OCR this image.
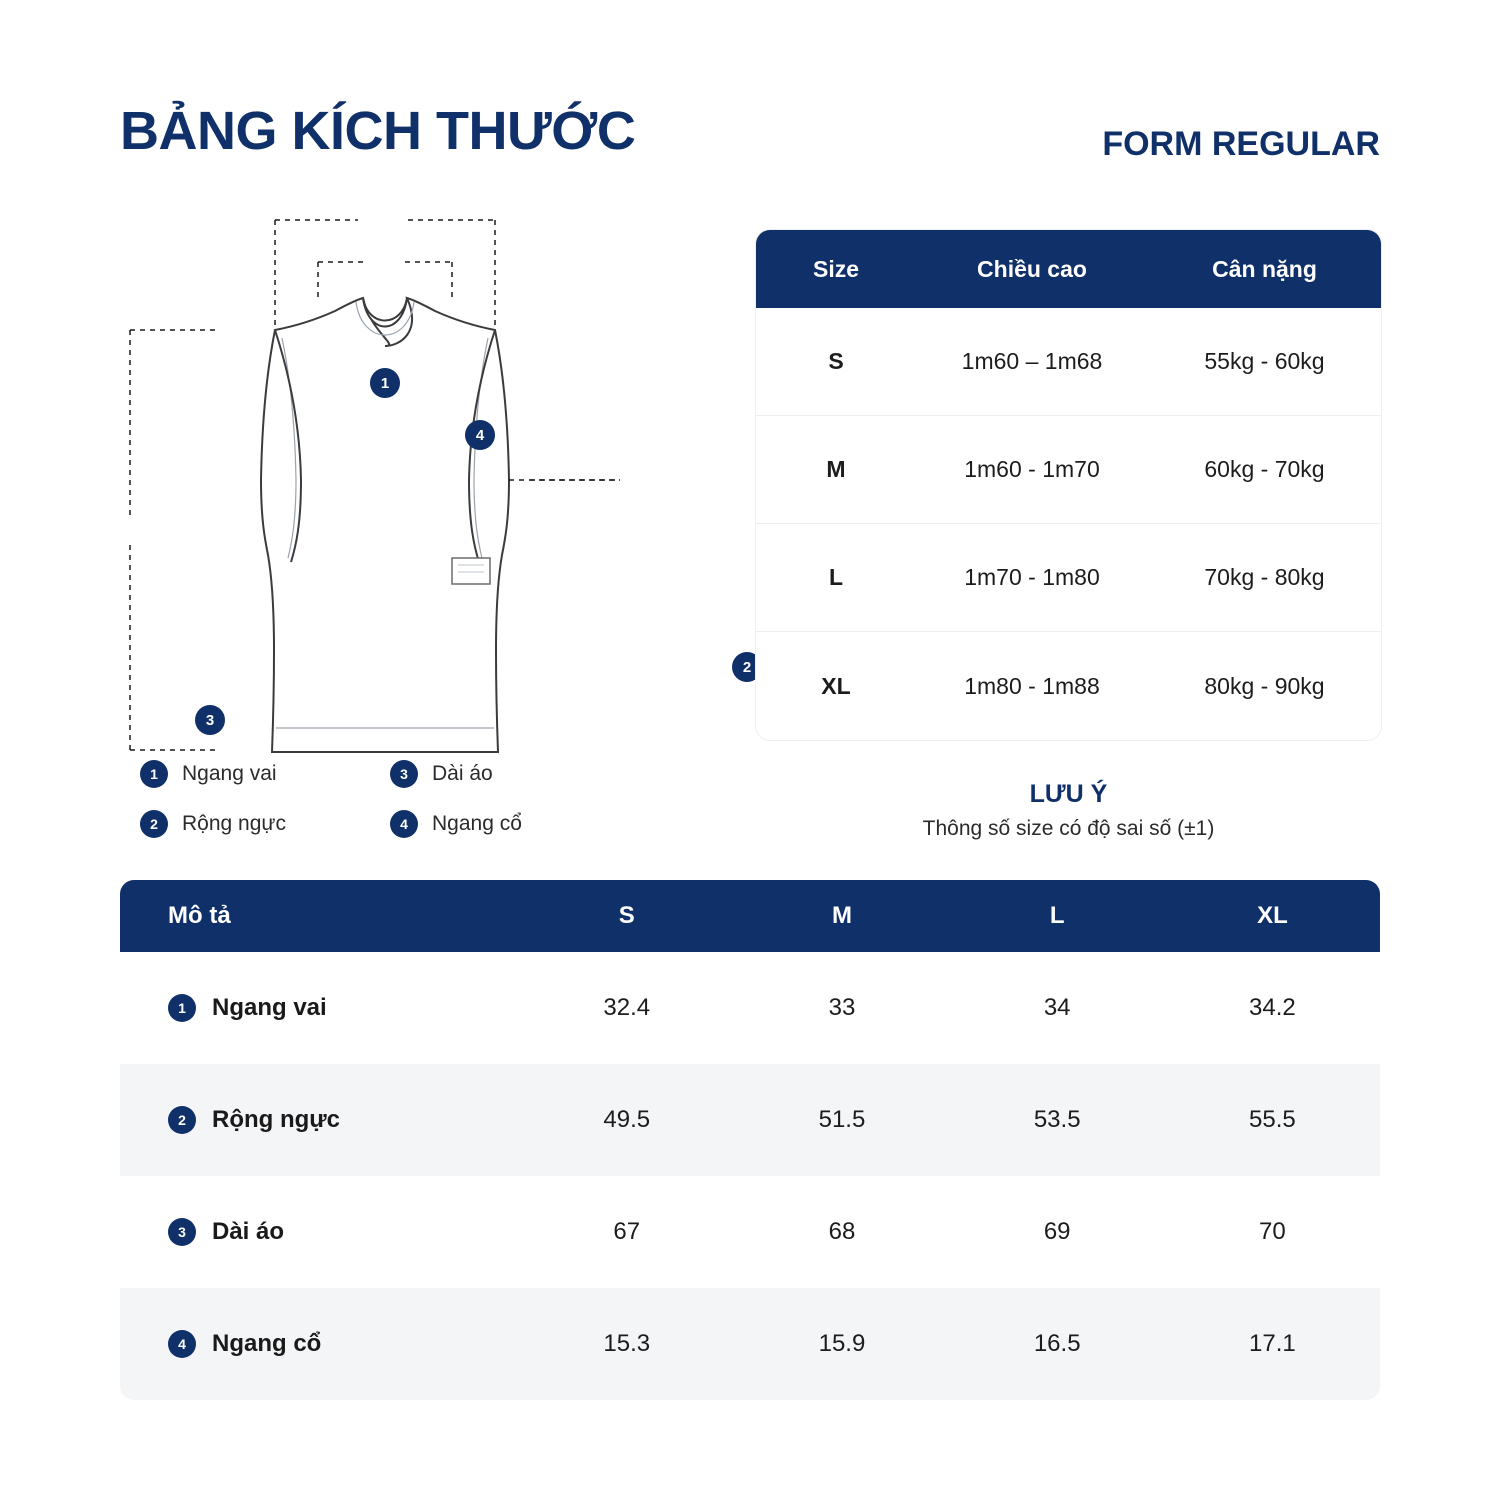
BẢNG KÍCH THƯỚC	FORM REGULAR
1
4
2
3
1	Ngang vai	3	Dài áo
2	Rộng ngực	4	Ngang cổ
Size	Chiều cao	Cân nặng
S	1m60 – 1m68	55kg - 60kg
M	1m60 - 1m70	60kg - 70kg
L	1m70 - 1m80	70kg - 80kg
XL	1m80 - 1m88	80kg - 90kg
LƯU Ý
Thông số size có độ sai số (±1)
Mô tả	S	M	L	XL
1	Ngang vai	32.4	33	34	34.2
2	Rộng ngực	49.5	51.5	53.5	55.5
3	Dài áo	67	68	69	70
4	Ngang cổ	15.3	15.9	16.5	17.1
